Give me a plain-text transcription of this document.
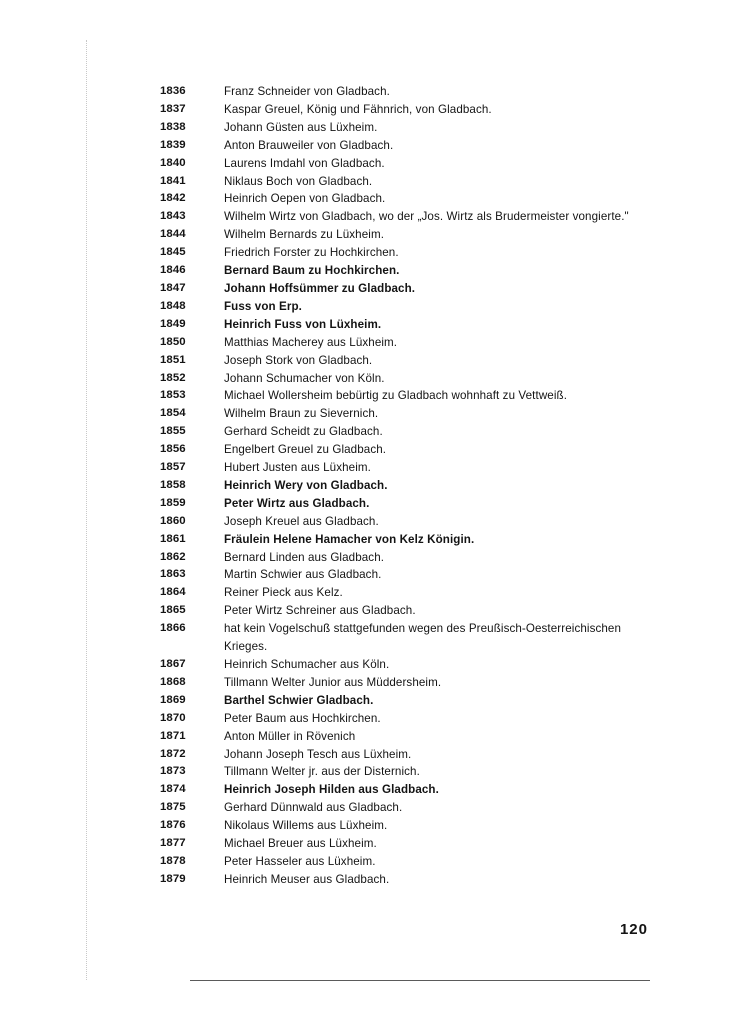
1836	Franz Schneider von Gladbach.
1837	Kaspar Greuel, König und Fähnrich, von Gladbach.
1838	Johann Güsten aus Lüxheim.
1839	Anton Brauweiler von Gladbach.
1840	Laurens Imdahl von Gladbach.
1841	Niklaus Boch von Gladbach.
1842	Heinrich Oepen von Gladbach.
1843	Wilhelm Wirtz von Gladbach, wo der „Jos. Wirtz als Brudermeister vongierte."
1844	Wilhelm Bernards zu Lüxheim.
1845	Friedrich Forster zu Hochkirchen.
1846	Bernard Baum zu Hochkirchen.
1847	Johann Hoffsümmer zu Gladbach.
1848	Fuss von Erp.
1849	Heinrich Fuss von Lüxheim.
1850	Matthias Macherey aus Lüxheim.
1851	Joseph Stork von Gladbach.
1852	Johann Schumacher von Köln.
1853	Michael Wollersheim bebürtig zu Gladbach wohnhaft zu Vettweiß.
1854	Wilhelm Braun zu Sievernich.
1855	Gerhard Scheidt zu Gladbach.
1856	Engelbert Greuel zu Gladbach.
1857	Hubert Justen aus Lüxheim.
1858	Heinrich Wery von Gladbach.
1859	Peter Wirtz aus Gladbach.
1860	Joseph Kreuel aus Gladbach.
1861	Fräulein Helene Hamacher von Kelz Königin.
1862	Bernard Linden aus Gladbach.
1863	Martin Schwier aus Gladbach.
1864	Reiner Pieck aus Kelz.
1865	Peter Wirtz Schreiner aus Gladbach.
1866	hat kein Vogelschuß stattgefunden wegen des Preußisch-Oesterreichischen Krieges.
1867	Heinrich Schumacher aus Köln.
1868	Tillmann Welter Junior aus Müddersheim.
1869	Barthel Schwier Gladbach.
1870	Peter Baum aus Hochkirchen.
1871	Anton Müller in Rövenich
1872	Johann Joseph Tesch aus Lüxheim.
1873	Tillmann Welter jr. aus der Disternich.
1874	Heinrich Joseph Hilden aus Gladbach.
1875	Gerhard Dünnwald aus Gladbach.
1876	Nikolaus Willems aus Lüxheim.
1877	Michael Breuer aus Lüxheim.
1878	Peter Hasseler aus Lüxheim.
1879	Heinrich Meuser aus Gladbach.
120
